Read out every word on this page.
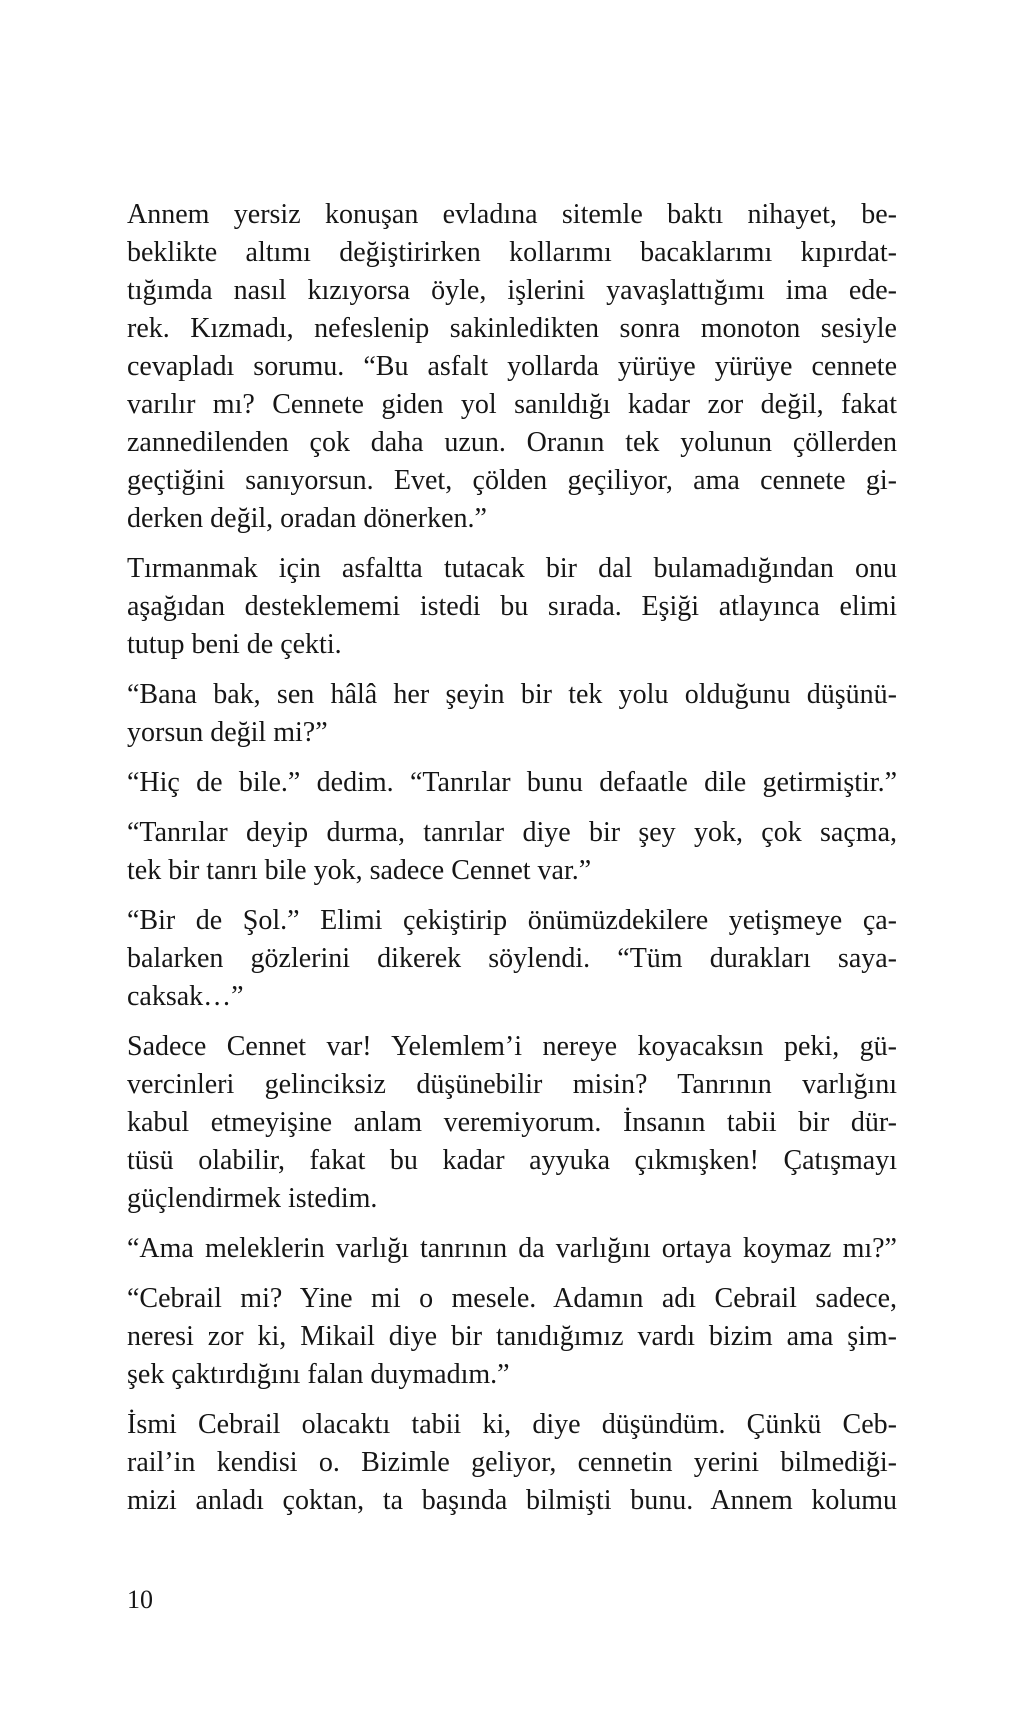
Annem yersiz konuşan evladına sitemle baktı nihayet, be-
beklikte altımı değiştirirken kollarımı bacaklarımı kıpırdat-
tığımda nasıl kızıyorsa öyle, işlerini yavaşlattığımı ima ede-
rek. Kızmadı, nefeslenip sakinledikten sonra monoton sesiyle
cevapladı sorumu. “Bu asfalt yollarda yürüye yürüye cennete
varılır mı? Cennete giden yol sanıldığı kadar zor değil, fakat
zannedilenden çok daha uzun. Oranın tek yolunun çöllerden
geçtiğini sanıyorsun. Evet, çölden geçiliyor, ama cennete gi-
derken değil, oradan dönerken.”
Tırmanmak için asfaltta tutacak bir dal bulamadığından onu
aşağıdan desteklememi istedi bu sırada. Eşiği atlayınca elimi
tutup beni de çekti.
“Bana bak, sen hâlâ her şeyin bir tek yolu olduğunu düşünü-
yorsun değil mi?”
“Hiç de bile.” dedim. “Tanrılar bunu defaatle dile getirmiştir.”
“Tanrılar deyip durma, tanrılar diye bir şey yok, çok saçma,
tek bir tanrı bile yok, sadece Cennet var.”
“Bir de Şol.” Elimi çekiştirip önümüzdekilere yetişmeye ça-
balarken gözlerini dikerek söylendi. “Tüm durakları saya-
caksak…”
Sadece Cennet var! Yelemlem’i nereye koyacaksın peki, gü-
vercinleri gelinciksiz düşünebilir misin? Tanrının varlığını
kabul etmeyişine anlam veremiyorum. İnsanın tabii bir dür-
tüsü olabilir, fakat bu kadar ayyuka çıkmışken! Çatışmayı
güçlendirmek istedim.
“Ama meleklerin varlığı tanrının da varlığını ortaya koymaz mı?”
“Cebrail mi? Yine mi o mesele. Adamın adı Cebrail sadece,
neresi zor ki, Mikail diye bir tanıdığımız vardı bizim ama şim-
şek çaktırdığını falan duymadım.”
İsmi Cebrail olacaktı tabii ki, diye düşündüm. Çünkü Ceb-
rail’in kendisi o. Bizimle geliyor, cennetin yerini bilmediği-
mizi anladı çoktan, ta başında bilmişti bunu. Annem kolumu
10
